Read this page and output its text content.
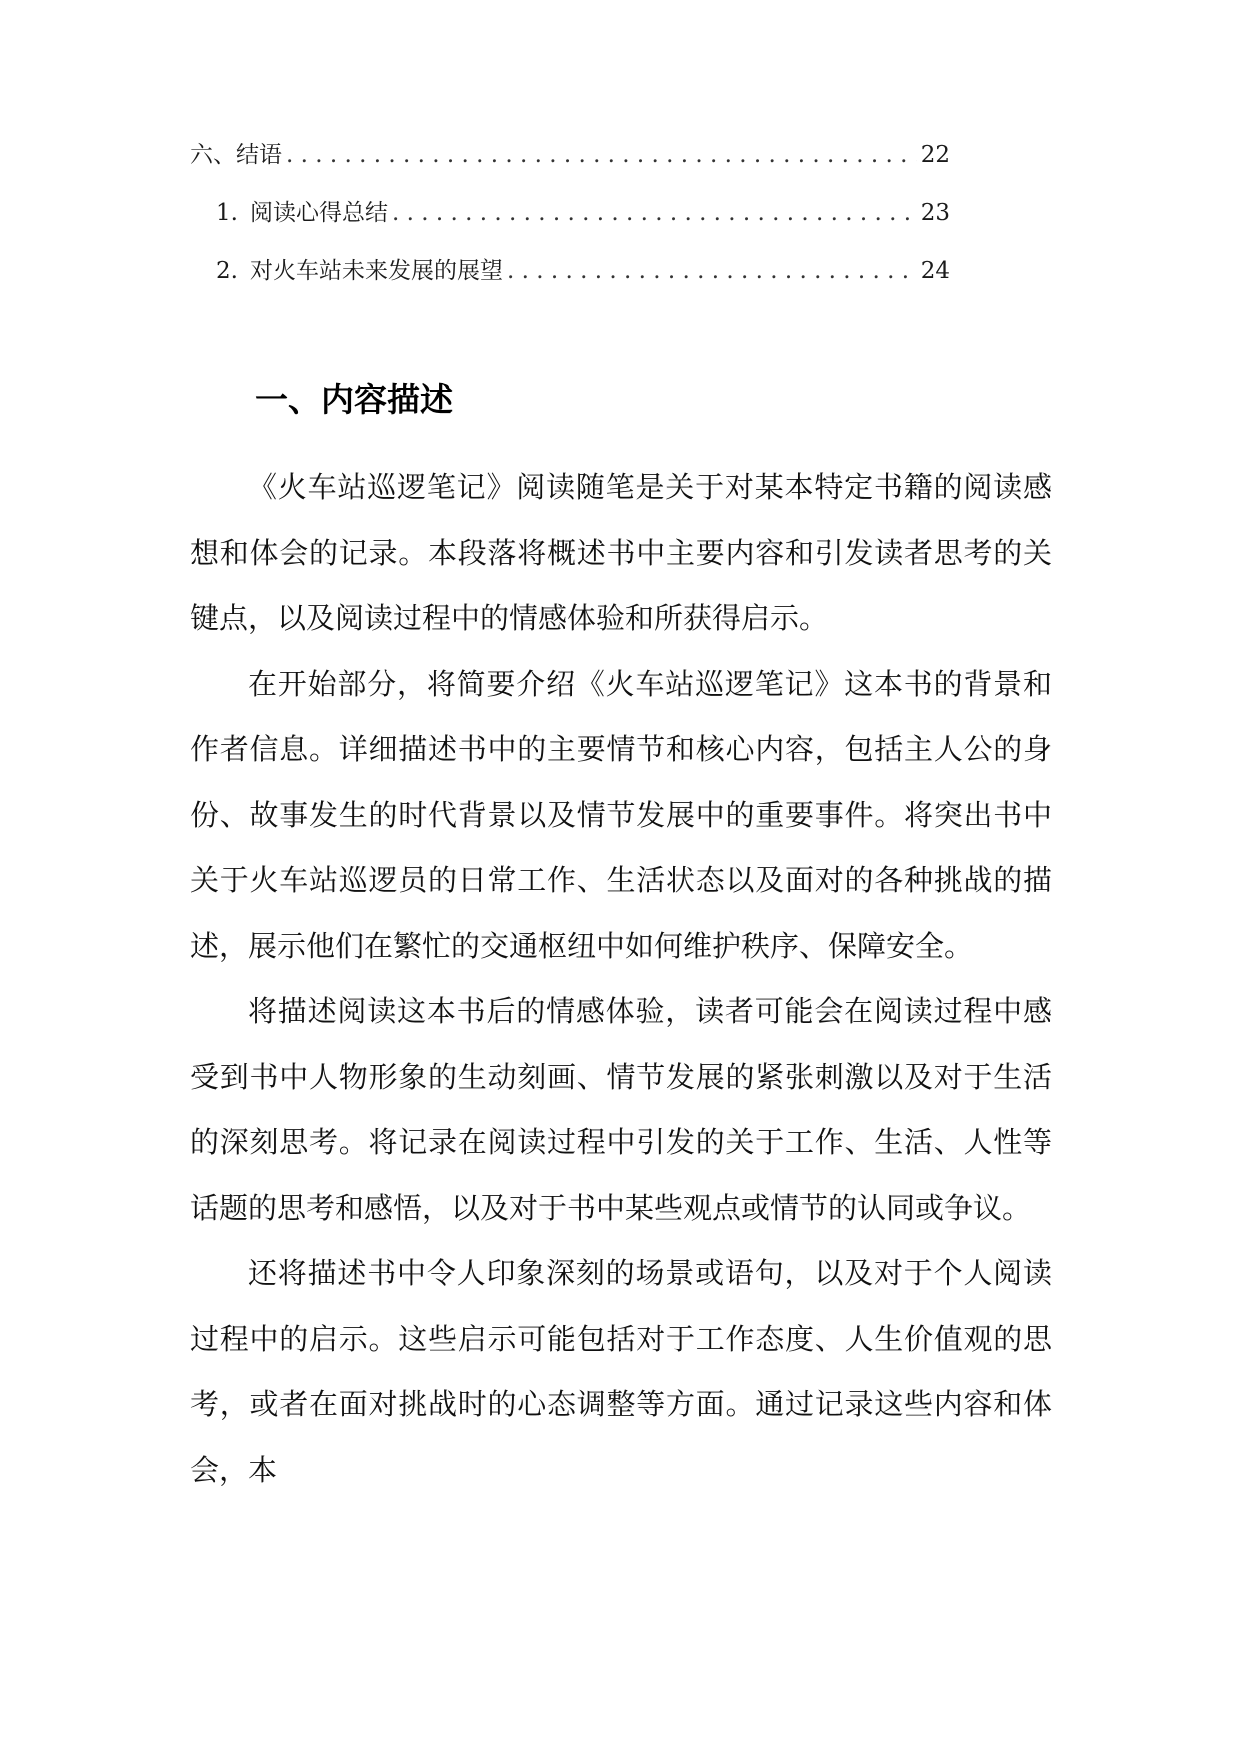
六、结语 . . .	22
1. 阅读心得总结 . . .	23
2. 对火车站未来发展的展望 . . .	24
一、内容描述

《火车站巡逻笔记》阅读随笔是关于对某本特定书籍的阅读感想和体会的记录。本段落将概述书中主要内容和引发读者思考的关键点，以及阅读过程中的情感体验和所获得启示。

在开始部分，将简要介绍《火车站巡逻笔记》这本书的背景和作者信息。详细描述书中的主要情节和核心内容，包括主人公的身份、故事发生的时代背景以及情节发展中的重要事件。将突出书中关于火车站巡逻员的日常工作、生活状态以及面对的各种挑战的描述，展示他们在繁忙的交通枢纽中如何维护秩序、保障安全。

将描述阅读这本书后的情感体验，读者可能会在阅读过程中感受到书中人物形象的生动刻画、情节发展的紧张刺激以及对于生活的深刻思考。将记录在阅读过程中引发的关于工作、生活、人性等话题的思考和感悟，以及对于书中某些观点或情节的认同或争议。

还将描述书中令人印象深刻的场景或语句，以及对于个人阅读过程中的启示。这些启示可能包括对于工作态度、人生价值观的思考，或者在面对挑战时的心态调整等方面。通过记录这些内容和体会，本
